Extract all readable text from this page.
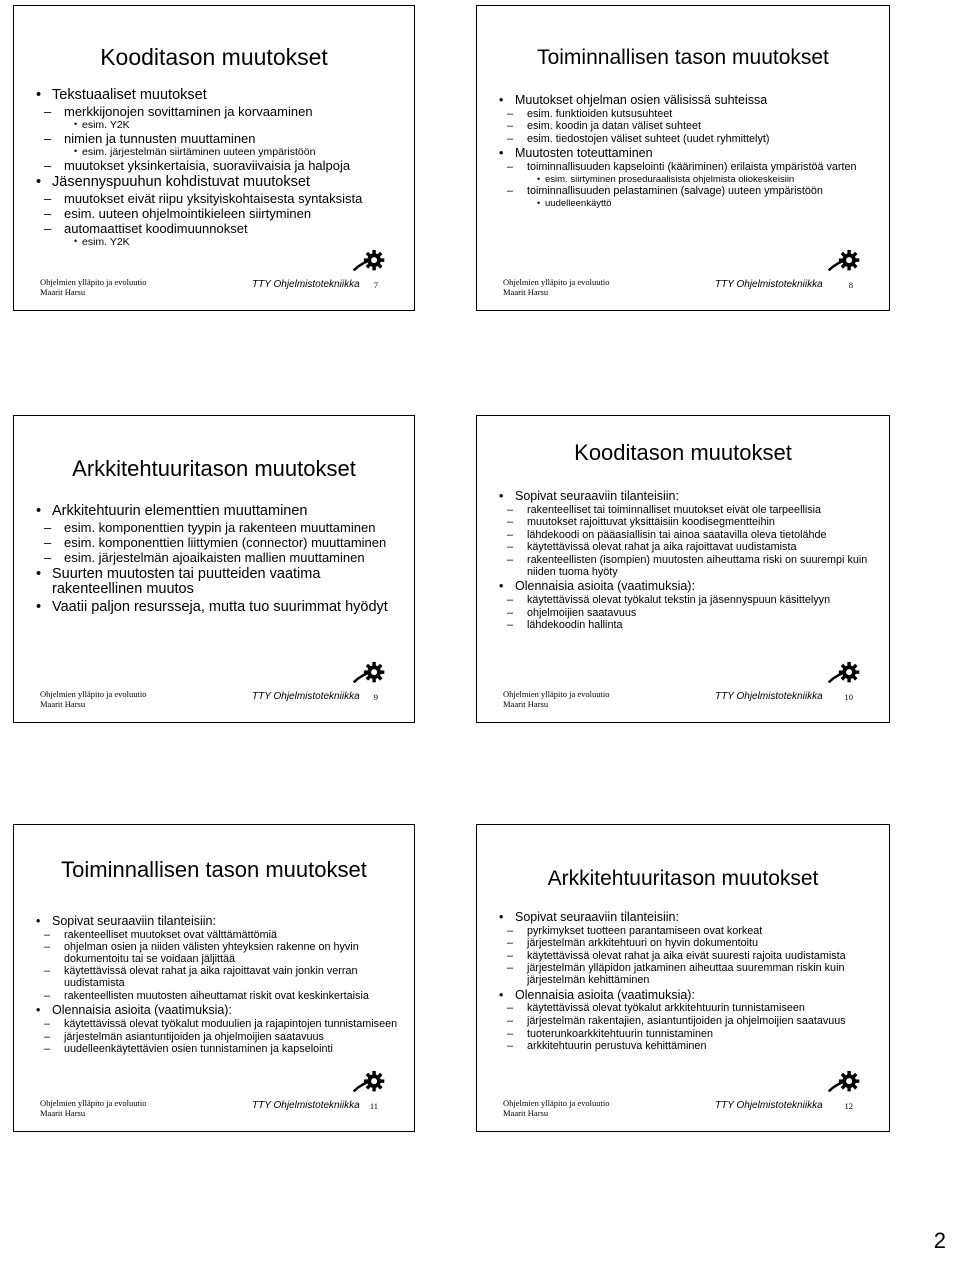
Kooditason muutokset
• Tekstuaaliset muutokset
– merkkijonojen sovittaminen ja korvaaminen
• esim. Y2K
– nimien ja tunnusten muuttaminen
• esim. järjestelmän siirtäminen uuteen ympäristöön
– muutokset yksinkertaisia, suoraviivaisia ja halpoja
• Jäsennyspuuhun kohdistuvat muutokset
– muutokset eivät riipu yksityiskohtaisesta syntaksista
– esim. uuteen ohjelmointikieleen siirtyminen
– automaattiset koodimuunnokset
• esim. Y2K
Ohjelmien ylläpito ja evoluutio
Maarit Harsu
TTY Ohjelmistotekniikka 7
Toiminnallisen tason muutokset
• Muutokset ohjelman osien välisissä suhteissa
– esim. funktioiden kutsusuhteet
– esim. koodin ja datan väliset suhteet
– esim. tiedostojen väliset suhteet (uudet ryhmittelyt)
• Muutosten toteuttaminen
– toiminnallisuuden kapselointi (kääriminen) erilaista ympäristöä varten
• esim. siirtyminen proseduraalisista ohjelmista oliokeskeisiin
– toiminnallisuuden pelastaminen (salvage) uuteen ympäristöön
• uudelleenkäyttö
Ohjelmien ylläpito ja evoluutio
Maarit Harsu
TTY Ohjelmistotekniikka	8
Arkkitehtuuritason muutokset
• Arkkitehtuurin elementtien muuttaminen
– esim. komponenttien tyypin ja rakenteen muuttaminen
– esim. komponenttien liittymien (connector) muuttaminen
– esim. järjestelmän ajoaikaisten mallien muuttaminen
• Suurten muutosten tai puutteiden vaatima rakenteellinen muutos
• Vaatii paljon resursseja, mutta tuo suurimmat hyödyt
Ohjelmien ylläpito ja evoluutio
Maarit Harsu
TTY Ohjelmistotekniikka 9
Kooditason muutokset
• Sopivat seuraaviin tilanteisiin:
– rakenteelliset tai toiminnalliset muutokset eivät ole tarpeellisia
– muutokset rajoittuvat yksittäisiin koodisegmentteihin
– lähdekoodi on pääasiallisin tai ainoa saatavilla oleva tietolähde
– käytettävissä olevat rahat ja aika rajoittavat uudistamista
– rakenteellisten (isompien) muutosten aiheuttama riski on suurempi kuin niiden tuoma hyöty
• Olennaisia asioita (vaatimuksia):
– käytettävissä olevat työkalut tekstin ja jäsennyspuun käsittelyyn
– ohjelmoijien saatavuus
– lähdekoodin hallinta
Ohjelmien ylläpito ja evoluutio
Maarit Harsu
TTY Ohjelmistotekniikka	10
Toiminnallisen tason muutokset
• Sopivat seuraaviin tilanteisiin:
– rakenteelliset muutokset ovat välttämättömiä
– ohjelman osien ja niiden välisten yhteyksien rakenne on hyvin dokumentoitu tai se voidaan jäljittää
– käytettävissä olevat rahat ja aika rajoittavat vain jonkin verran uudistamista
– rakenteellisten muutosten aiheuttamat riskit ovat keskinkertaisia
• Olennaisia asioita (vaatimuksia):
– käytettävissä olevat työkalut moduulien ja rajapintojen tunnistamiseen
– järjestelmän asiantuntijoiden ja ohjelmoijien saatavuus
– uudelleenkäytettävien osien tunnistaminen ja kapselointi
Ohjelmien ylläpito ja evoluutio
Maarit Harsu
TTY Ohjelmistotekniikka 11
Arkkitehtuuritason muutokset
• Sopivat seuraaviin tilanteisiin:
– pyrkimykset tuotteen parantamiseen ovat korkeat
– järjestelmän arkkitehtuuri on hyvin dokumentoitu
– käytettävissä olevat rahat ja aika eivät suuresti rajoita uudistamista
– järjestelmän ylläpidon jatkaminen aiheuttaa suuremman riskin kuin järjestelmän kehittäminen
• Olennaisia asioita (vaatimuksia):
– käytettävissä olevat työkalut arkkitehtuurin tunnistamiseen
– järjestelmän rakentajien, asiantuntijoiden ja ohjelmoijien saatavuus
– tuoterunkoarkkitehtuurin tunnistaminen
– arkkitehtuurin perustuva kehittäminen
Ohjelmien ylläpito ja evoluutio
Maarit Harsu
TTY Ohjelmistotekniikka	12
2
